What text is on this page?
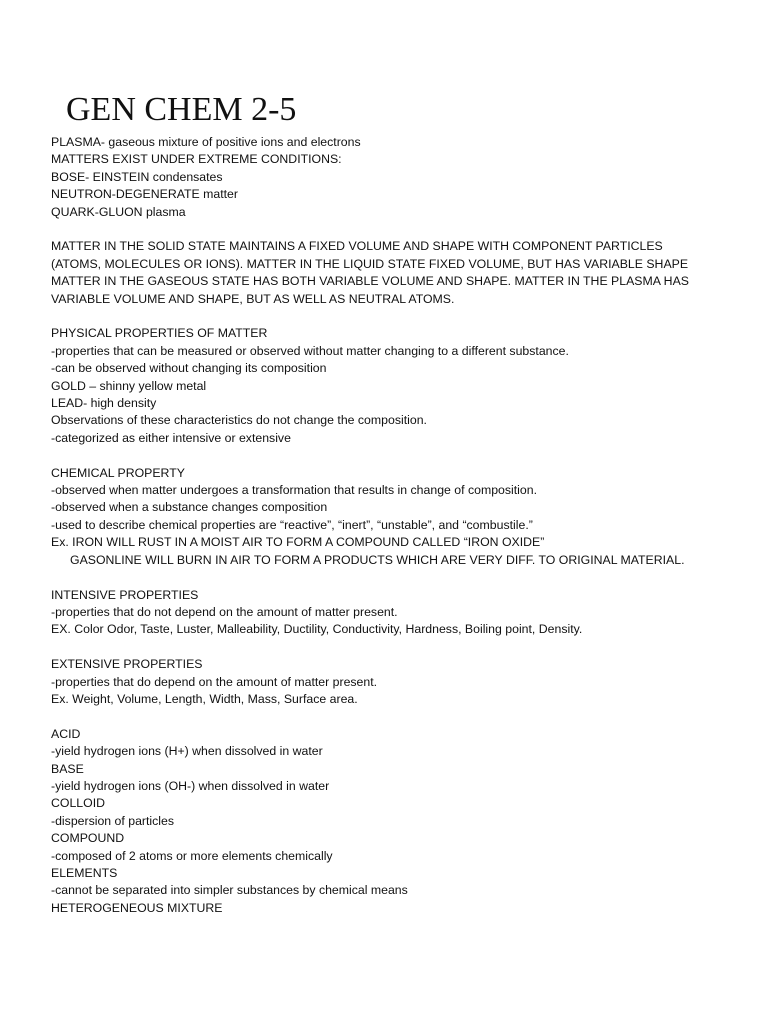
GEN CHEM 2-5
PLASMA- gaseous mixture of positive ions and electrons
MATTERS EXIST UNDER EXTREME CONDITIONS:
BOSE- EINSTEIN condensates
NEUTRON-DEGENERATE matter
QUARK-GLUON plasma
MATTER IN THE SOLID STATE MAINTAINS A FIXED VOLUME AND SHAPE WITH COMPONENT PARTICLES
(ATOMS, MOLECULES OR IONS). MATTER IN THE LIQUID STATE FIXED VOLUME, BUT HAS VARIABLE SHAPE
MATTER IN THE GASEOUS STATE HAS BOTH VARIABLE VOLUME AND SHAPE. MATTER IN THE PLASMA HAS
VARIABLE VOLUME AND SHAPE, BUT AS WELL AS NEUTRAL ATOMS.
PHYSICAL PROPERTIES OF MATTER
-properties that can be measured or observed without matter changing to a different substance.
-can be observed without changing its composition
GOLD – shinny yellow metal
LEAD- high density
Observations of these characteristics do not change the composition.
-categorized as either intensive or extensive
CHEMICAL PROPERTY
-observed when matter undergoes a transformation that results in change of composition.
-observed when a substance changes composition
-used to describe chemical properties are “reactive”, “inert”, “unstable”, and “combustile.”
Ex. IRON WILL RUST IN A MOIST AIR TO FORM A COMPOUND CALLED “IRON OXIDE”
GASONLINE WILL BURN IN AIR TO FORM A PRODUCTS WHICH ARE VERY DIFF. TO ORIGINAL MATERIAL.
INTENSIVE PROPERTIES
-properties that do not depend on the amount of matter present.
EX. Color Odor, Taste, Luster, Malleability, Ductility, Conductivity, Hardness, Boiling point, Density.
EXTENSIVE PROPERTIES
-properties that do depend on the amount of matter present.
Ex. Weight, Volume, Length, Width, Mass, Surface area.
ACID
-yield hydrogen ions (H+) when dissolved in water
BASE
-yield hydrogen ions (OH-) when dissolved in water
COLLOID
-dispersion of particles
COMPOUND
-composed of 2 atoms or more elements chemically
ELEMENTS
-cannot be separated into simpler substances by chemical means
HETEROGENEOUS MIXTURE
